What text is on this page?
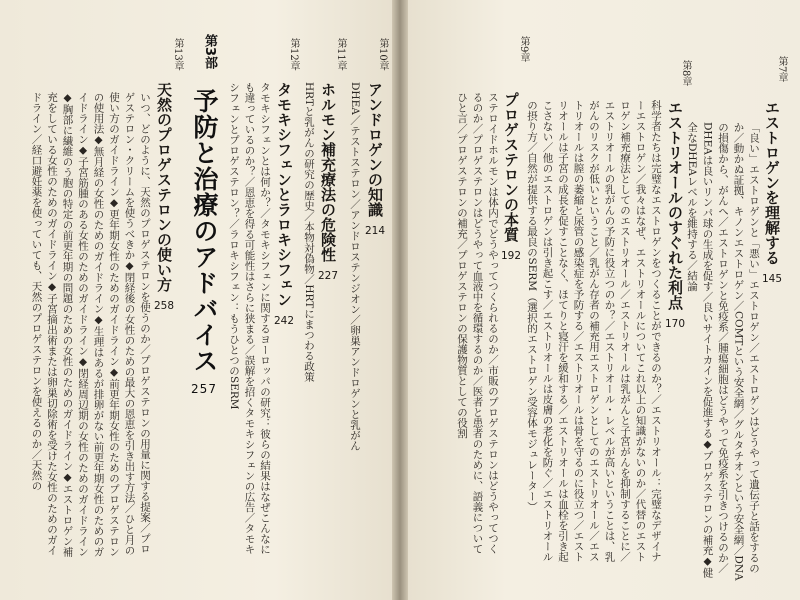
第10章
アンドロゲンの知識214
DHEA／テストステロン／アンドロステンジオン／卵巣アンドロゲンと乳がん
第11章
ホルモン補充療法の危険性227
HRTと乳がんの研究の歴史／本物対偽物／HRTにまつわる政策
第12章
タモキシフェンとラロキシフェン242
タモキシフェンとは何か？／タモキシフェンに関するヨーロッパの研究：彼らの結果はなぜこんなにも違っているのか？／恩恵を得る可能性はさらに狭まる／誤解を招くタモキシフェンの広告／タモキシフェンとプロゲステロン？／ラロキシフェン：もうひとつのSERM
第3部
予防と治療のアドバイス257
第13章
天然のプロゲステロンの使い方258
いつ、どのように、天然のプロゲステロンを使うのか／プロゲステロンの用量に関する提案／プロゲステロン・クリームを使うべきか◆閉経後の女性のための最大の恩恵を引き出す方法／ひと月の使い方のガイドライン◆更年期女性のためのガイドライン◆前更年期女性のためのプロゲステロンの使用法◆無月経の女性のためのガイドライン◆生理はあるが排卵がない前更年期女性のためのガイドライン◆子宮筋腫のある女性のためのガイドライン◆閉経周辺期の女性のためのガイドライン◆胸部に繊維のう胞の特定の前更年期の問題のための女性のためのガイドライン◆エストロゲン補充をしている女性のためのガイドライン◆子宮摘出術または卵巣切除術を受けた女性のためのガイドライン／経口避妊薬を使っていても、天然のプロゲステロンを使えるのか／天然の
第7章
エストロゲンを理解する145
「良い」エストロゲンと「悪い」エストロゲン／エストロゲンはどうやって遺伝子と話をするのか／動かぬ証拠、キノンエストロゲン／COMTという安全網／グルタチオンという安全網／DNAの損傷から、がんへ／エストロゲンと免疫系／腫瘍細胞はどうやって免疫系を引きつけるのか／DHEAは良いリンパ球の生成を促す／良いサイトカインを促進する◆プロゲステロンの補充◆健全なDHEAレベルを維持する／結論
第8章
エストリオールのすぐれた利点170
科学者たちは完璧なエストロゲンをつくることができるのか？／エストリオール：完璧なデザイナーエストロゲン／我々はなぜ、エストリオールについてこれ以上の知識がないのか／代替のエストロゲン補充療法としてのエストリオール／エストリオールは乳がんと子宮がんを抑制することに／エストリオールの乳がんの予防に役立つのか？／エストリオール・レベルが高いということは、乳がんのリスクが低いということ／乳がん存者の補充用エストロゲンとしてのエストリオール／エストリオールは膣の萎縮と尿管の感染症を予防する／エストリオールは骨を守るのに役立つ／エストリオールは子宮の成長を促すことなく、ほてりと寝汗を緩和する／エストリオールは血栓を引き起こさない／他のエストロゲンは引き起こす／エストリオールは皮膚の老化を防ぐ／エストリオールの摂り方／自然が提供する最良のSERM（選択的エストロゲン受容体モジュレーター）
第9章
プロゲステロンの本質192
ステロイドホルモンは体内でどうやってつくられるのか／市販のプロゲステロンはどうやってつくるのか／プロゲステロンはどうやって血液中を循環するのか／医者と患者のために、語義についてひと言／プロゲステロンの補充／プロゲステロンの保護物質としての役割
